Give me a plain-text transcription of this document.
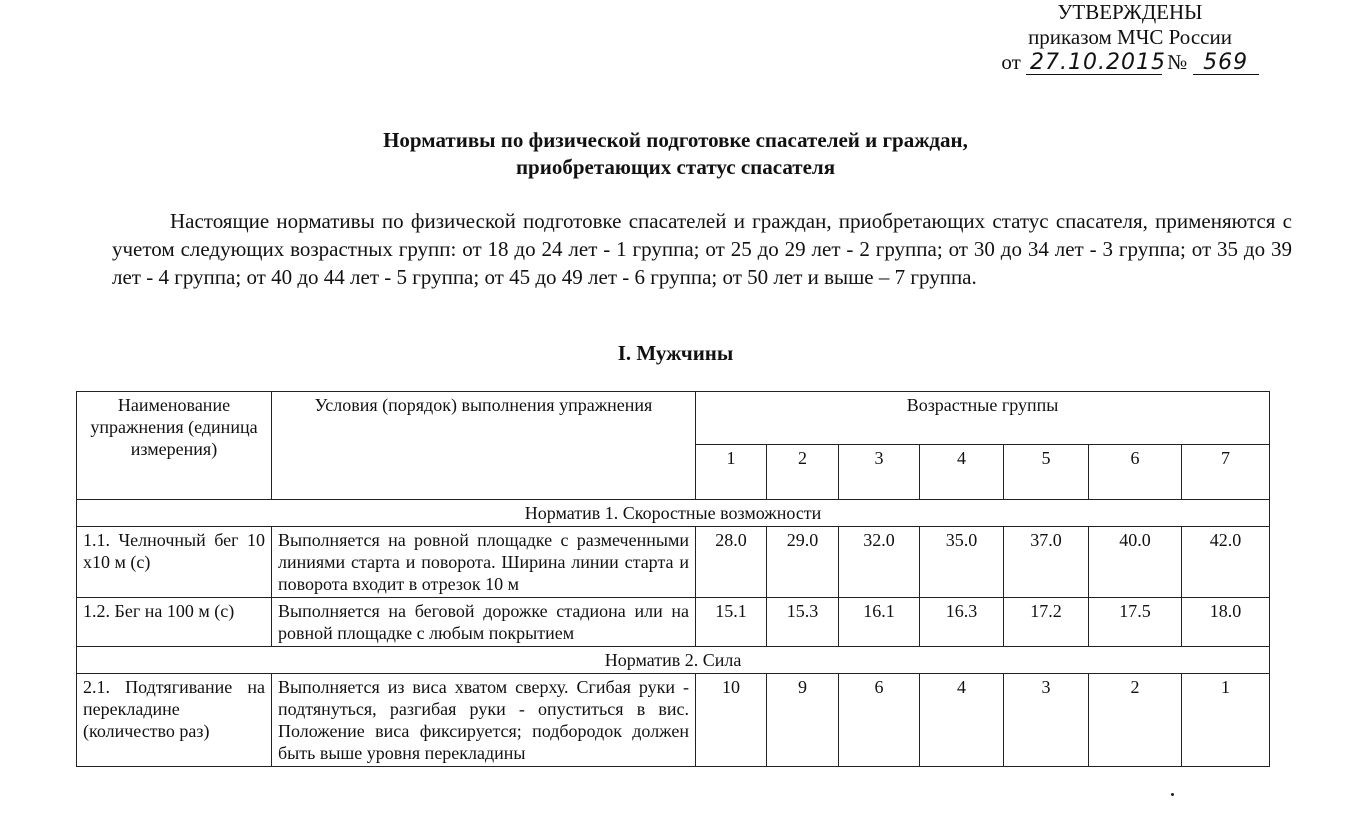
УТВЕРЖДЕНЫ
приказом МЧС России
от 27.10.2015 № 569
Нормативы по физической подготовке спасателей и граждан,
приобретающих статус спасателя
Настоящие нормативы по физической подготовке спасателей и граждан, приобретающих статус спасателя, применяются с учетом следующих возрастных групп: от 18 до 24 лет - 1 группа; от 25 до 29 лет - 2 группа; от 30 до 34 лет - 3 группа; от 35 до 39 лет - 4 группа; от 40 до 44 лет - 5 группа; от 45 до 49 лет - 6 группа; от 50 лет и выше – 7 группа.
I. Мужчины
Наименование упражнения (единица измерения)	Условия (порядок) выполнения упражнения	Возрастные группы						
		1	2	3	4	5	6	7
Норматив 1. Скоростные возможности								
1.1. Челночный бег 10 х10 м (с)	Выполняется на ровной площадке с размеченными линиями старта и поворота. Ширина линии старта и поворота входит в отрезок 10 м	28.0	29.0	32.0	35.0	37.0	40.0	42.0
1.2. Бег на 100 м (с)	Выполняется на беговой дорожке стадиона или на ровной площадке с любым покрытием	15.1	15.3	16.1	16.3	17.2	17.5	18.0
Норматив 2. Сила								
2.1. Подтягивание на перекладине (количество раз)	Выполняется из виса хватом сверху. Сгибая руки - подтянуться, разгибая руки - опуститься в вис. Положение виса фиксируется; подбородок должен быть выше уровня перекладины	10	9	6	4	3	2	1
